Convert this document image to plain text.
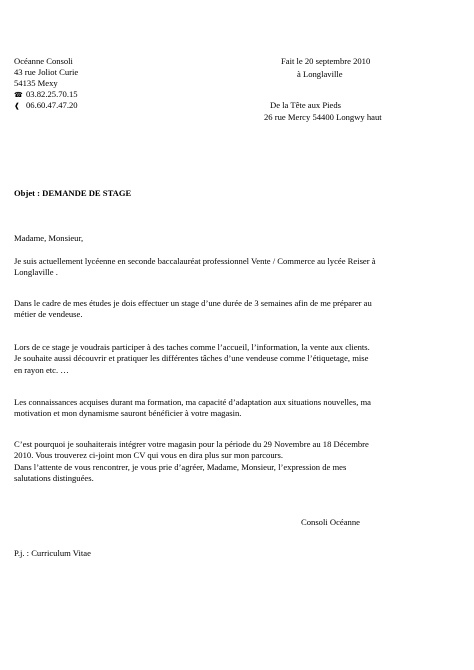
Océanne Consoli

43 rue Joliot Curie

54135 Mexy

☎ 03.82.25.70.15

❰ 06.60.47.47.20

Fait le 20 septembre 2010

à Longlaville

De la Tête aux Pieds

26 rue Mercy 54400 Longwy haut

Objet : DEMANDE DE STAGE

Madame, Monsieur,

Je suis actuellement lycéenne en seconde baccalauréat professionnel Vente / Commerce au lycée Reiser à
Longlaville .

Dans le cadre de mes études je dois effectuer un stage d’une durée de 3 semaines afin de me préparer au
métier de vendeuse.

Lors de ce stage je voudrais participer à des taches comme l’accueil, l’information, la vente aux clients.
Je souhaite aussi découvrir et pratiquer les différentes tâches d’une vendeuse comme l’étiquetage, mise
en rayon etc. …

Les connaissances acquises durant ma formation, ma capacité d’adaptation aux situations nouvelles, ma
motivation et mon dynamisme sauront bénéficier à votre magasin.

C’est pourquoi je souhaiterais intégrer votre magasin pour la période du 29 Novembre au 18 Décembre
2010. Vous trouverez ci-joint mon CV qui vous en dira plus sur mon parcours.
Dans l’attente de vous rencontrer, je vous prie d’agréer, Madame, Monsieur, l’expression de mes
salutations distinguées.

Consoli Océanne

P.j. : Curriculum Vitae
